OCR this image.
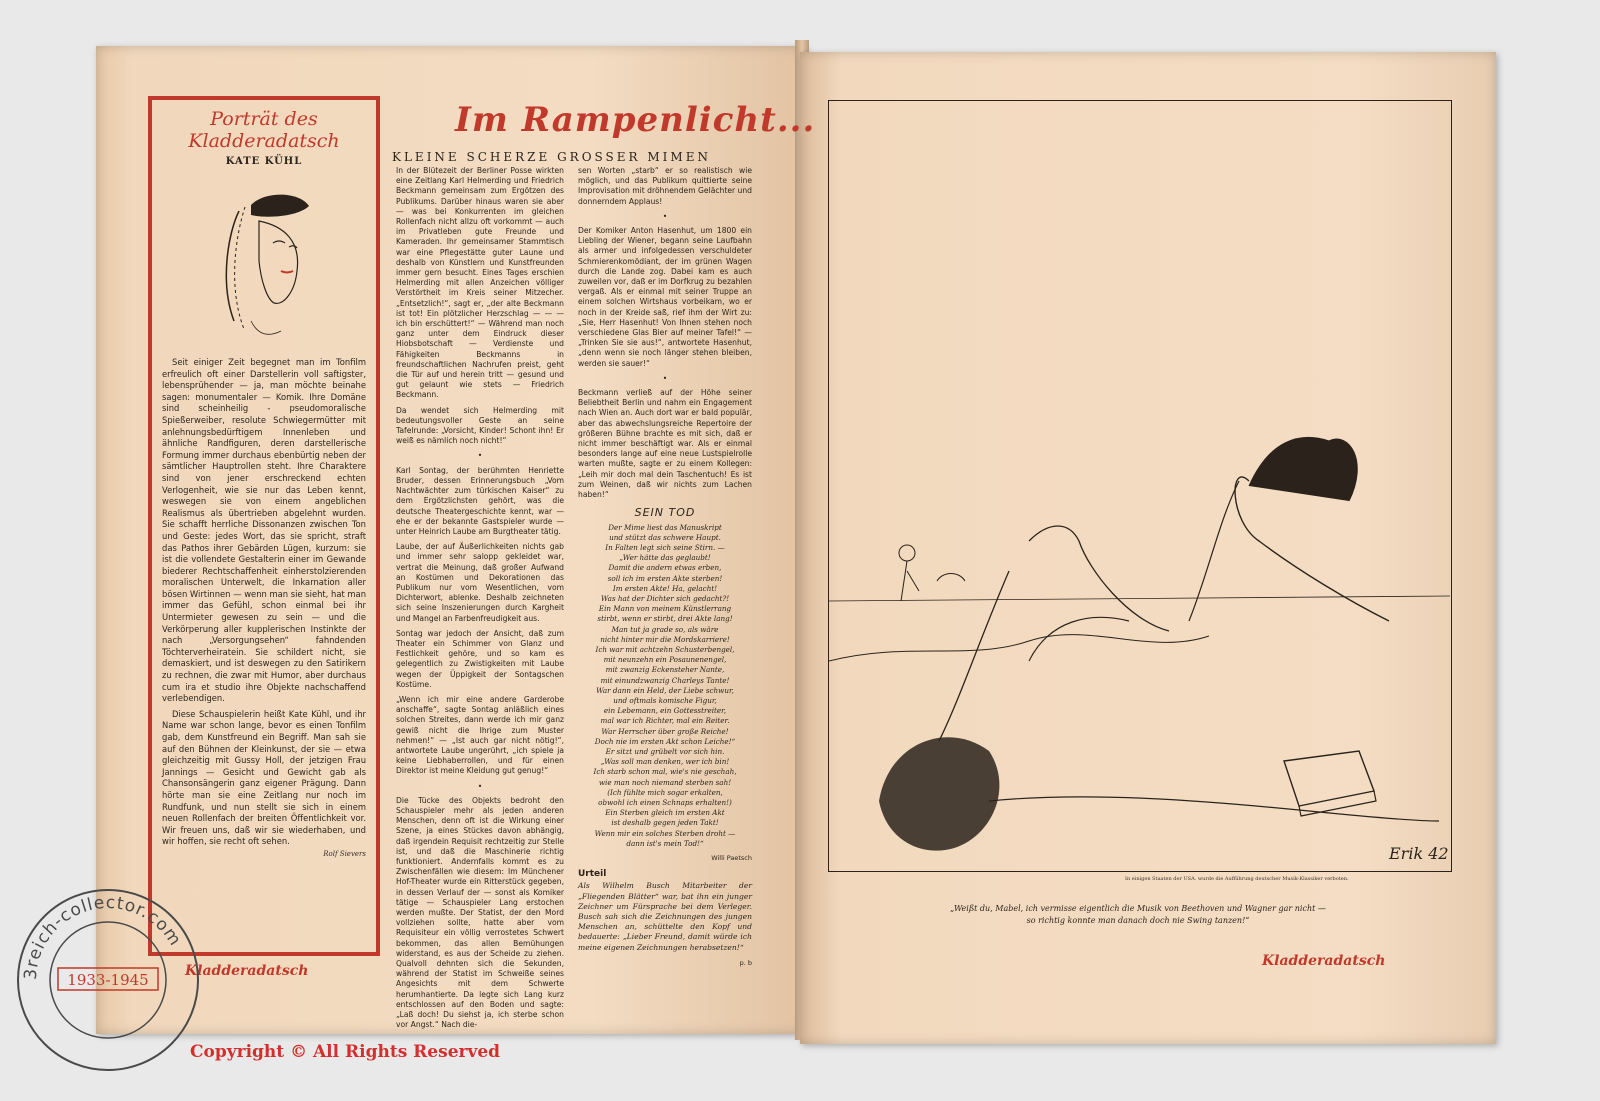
Porträt des Kladderadatsch
KATE KÜHL

Seit einiger Zeit begegnet man im Tonfilm erfreulich oft einer Darstellerin voll saftigster, lebensprühender — ja, man möchte beinahe sagen: monumentaler — Komik. Ihre Domäne sind scheinheilig - pseudomoralische Spießerweiber, resolute Schwiegermütter mit anlehnungsbedürftigem Innenleben und ähnliche Randfiguren, deren darstellerische Formung immer durchaus ebenbürtig neben der sämtlicher Hauptrollen steht. Ihre Charaktere sind von jener erschreckend echten Verlogenheit, wie sie nur das Leben kennt, weswegen sie von einem angeblichen Realismus als übertrieben abgelehnt wurden. Sie schafft herrliche Dissonanzen zwischen Ton und Geste: jedes Wort, das sie spricht, straft das Pathos ihrer Gebärden Lügen, kurzum: sie ist die vollendete Gestalterin einer im Gewande biederer Rechtschaffenheit einherstolzierenden moralischen Unterwelt, die Inkarnation aller bösen Wirtinnen — wenn man sie sieht, hat man immer das Gefühl, schon einmal bei ihr Untermieter gewesen zu sein — und die Verkörperung aller kupplerischen Instinkte der nach „Versorgungsehen“ fahndenden Töchterverheiratein. Sie schildert nicht, sie demaskiert, und ist deswegen zu den Satirikern zu rechnen, die zwar mit Humor, aber durchaus cum ira et studio ihre Objekte nachschaffend verlebendigen.

Diese Schauspielerin heißt Kate Kühl, und ihr Name war schon lange, bevor es einen Tonfilm gab, dem Kunstfreund ein Begriff. Man sah sie auf den Bühnen der Kleinkunst, der sie — etwa gleichzeitig mit Gussy Holl, der jetzigen Frau Jannings — Gesicht und Gewicht gab als Chansonsängerin ganz eigener Prägung. Dann hörte man sie eine Zeitlang nur noch im Rundfunk, und nun stellt sie sich in einem neuen Rollenfach der breiten Öffentlichkeit vor. Wir freuen uns, daß wir sie wiederhaben, und wir hoffen, sie recht oft sehen.

Rolf Sievers
Kladderadatsch
Im Rampenlicht...
KLEINE SCHERZE GROSSER MIMEN

In der Blütezeit der Berliner Posse wirkten eine Zeitlang Karl Helmerding und Friedrich Beckmann gemeinsam zum Ergötzen des Publikums. Darüber hinaus waren sie aber — was bei Konkurrenten im gleichen Rollenfach nicht allzu oft vorkommt — auch im Privatleben gute Freunde und Kameraden. Ihr gemeinsamer Stammtisch war eine Pflegestätte guter Laune und deshalb von Künstlern und Kunstfreunden immer gern besucht. Eines Tages erschien Helmerding mit allen Anzeichen völliger Verstörtheit im Kreis seiner Mitzecher. „Entsetzlich!“, sagt er, „der alte Beckmann ist tot! Ein plötzlicher Herzschlag — — — ich bin erschüttert!“ — Während man noch ganz unter dem Eindruck dieser Hiobsbotschaft — Verdienste und Fähigkeiten Beckmanns in freundschaftlichen Nachrufen preist, geht die Tür auf und herein tritt — gesund und gut gelaunt wie stets — Friedrich Beckmann.

Da wendet sich Helmerding mit bedeutungsvoller Geste an seine Tafelrunde: „Vorsicht, Kinder! Schont ihn! Er weiß es nämlich noch nicht!“

•

Karl Sontag, der berühmten Henriette Bruder, dessen Erinnerungsbuch „Vom Nachtwächter zum türkischen Kaiser“ zu dem Ergötzlichsten gehört, was die deutsche Theatergeschichte kennt, war — ehe er der bekannte Gastspieler wurde — unter Heinrich Laube am Burgtheater tätig.

Laube, der auf Äußerlichkeiten nichts gab und immer sehr salopp gekleidet war, vertrat die Meinung, daß großer Aufwand an Kostümen und Dekorationen das Publikum nur vom Wesentlichen, vom Dichterwort, ablenke. Deshalb zeichneten sich seine Inszenierungen durch Kargheit und Mangel an Farbenfreudigkeit aus.

Sontag war jedoch der Ansicht, daß zum Theater ein Schimmer von Glanz und Festlichkeit gehöre, und so kam es gelegentlich zu Zwistigkeiten mit Laube wegen der Üppigkeit der Sontagschen Kostüme.

„Wenn ich mir eine andere Garderobe anschaffe“, sagte Sontag anläßlich eines solchen Streites, dann werde ich mir ganz gewiß nicht die Ihrige zum Muster nehmen!“ — „Ist auch gar nicht nötig!“, antwortete Laube ungerührt, „ich spiele ja keine Liebhaberrollen, und für einen Direktor ist meine Kleidung gut genug!“

•

Die Tücke des Objekts bedroht den Schauspieler mehr als jeden anderen Menschen, denn oft ist die Wirkung einer Szene, ja eines Stückes davon abhängig, daß irgendein Requisit rechtzeitig zur Stelle ist, und daß die Maschinerie richtig funktioniert. Andernfalls kommt es zu Zwischenfällen wie diesem: Im Münchener Hof-Theater wurde ein Ritterstück gegeben, in dessen Verlauf der — sonst als Komiker tätige — Schauspieler Lang erstochen werden mußte. Der Statist, der den Mord vollziehen sollte, hatte aber vom Requisiteur ein völlig verrostetes Schwert bekommen, das allen Bemühungen widerstand, es aus der Scheide zu ziehen. Qualvoll dehnten sich die Sekunden, während der Statist im Schweiße seines Angesichts mit dem Schwerte herumhantierte. Da legte sich Lang kurz entschlossen auf den Boden und sagte: „Laß doch! Du siehst ja, ich sterbe schon vor Angst.“ Nach die-

sen Worten „starb“ er so realistisch wie möglich, und das Publikum quittierte seine Improvisation mit dröhnendem Gelächter und donnerndem Applaus!

•

Der Komiker Anton Hasenhut, um 1800 ein Liebling der Wiener, begann seine Laufbahn als armer und infolgedessen verschuldeter Schmierenkomödiant, der im grünen Wagen durch die Lande zog. Dabei kam es auch zuweilen vor, daß er im Dorfkrug zu bezahlen vergaß. Als er einmal mit seiner Truppe an einem solchen Wirtshaus vorbeikam, wo er noch in der Kreide saß, rief ihm der Wirt zu: „Sie, Herr Hasenhut! Von Ihnen stehen noch verschiedene Glas Bier auf meiner Tafel!“ — „Trinken Sie sie aus!“, antwortete Hasenhut, „denn wenn sie noch länger stehen bleiben, werden sie sauer!“

•

Beckmann verließ auf der Höhe seiner Beliebtheit Berlin und nahm ein Engagement nach Wien an. Auch dort war er bald populär, aber das abwechslungsreiche Repertoire der größeren Bühne brachte es mit sich, daß er nicht immer beschäftigt war. Als er einmal besonders lange auf eine neue Lustspielrolle warten mußte, sagte er zu einem Kollegen: „Leih mir doch mal dein Taschentuch! Es ist zum Weinen, daß wir nichts zum Lachen haben!“

SEIN TOD
Der Mime liest das Manuskript
und stützt das schwere Haupt.
In Falten legt sich seine Stirn. —
„Wer hätte das geglaubt!
Damit die andern etwas erben,
soll ich im ersten Akte sterben!
Im ersten Akte! Ha, gelacht!
Was hat der Dichter sich gedacht?!
Ein Mann von meinem Künstlerrang
stirbt, wenn er stirbt, drei Akte lang!
Man tut ja grade so, als wäre
nicht hinter mir die Mordskarriere!
Ich war mit achtzehn Schusterbengel,
mit neunzehn ein Posaunenengel,
mit zwanzig Eckensteher Nante,
mit einundzwanzig Charleys Tante!
War dann ein Held, der Liebe schwur,
und oftmals komische Figur,
ein Lebemann, ein Gottesstreiter,
mal war ich Richter, mal ein Reiter.
War Herrscher über große Reiche!
Doch nie im ersten Akt schon Leiche!“
Er sitzt und grübelt vor sich hin.
„Was soll man denken, wer ich bin!
Ich starb schon mal, wie's nie geschah,
wie man noch niemand sterben sah!
(Ich fühlte mich sogar erkalten,
obwohl ich einen Schnaps erhalten!)
Ein Sterben gleich im ersten Akt
ist deshalb gegen jeden Takt!
Wenn mir ein solches Sterben droht —
dann ist's mein Tod!“
Willi Paetsch
Urteil

Als Wilhelm Busch Mitarbeiter der „Fliegenden Blätter“ war, bat ihn ein junger Zeichner um Fürsprache bei dem Verleger. Busch sah sich die Zeichnungen des jungen Menschen an, schüttelte den Kopf und bedauerte: „Lieber Freund, damit würde ich meine eigenen Zeichnungen herabsetzen!“

p. b
Erik 42
In einigen Staaten der USA. wurde die Aufführung deutscher Musik-Klassiker verboten.
„Weißt du, Mabel, ich vermisse eigentlich die Musik von Beethoven und Wagner gar nicht —
so richtig konnte man danach doch nie Swing tanzen!“
Kladderadatsch
3reich-collector.com
1933-1945
Copyright © All Rights Reserved
